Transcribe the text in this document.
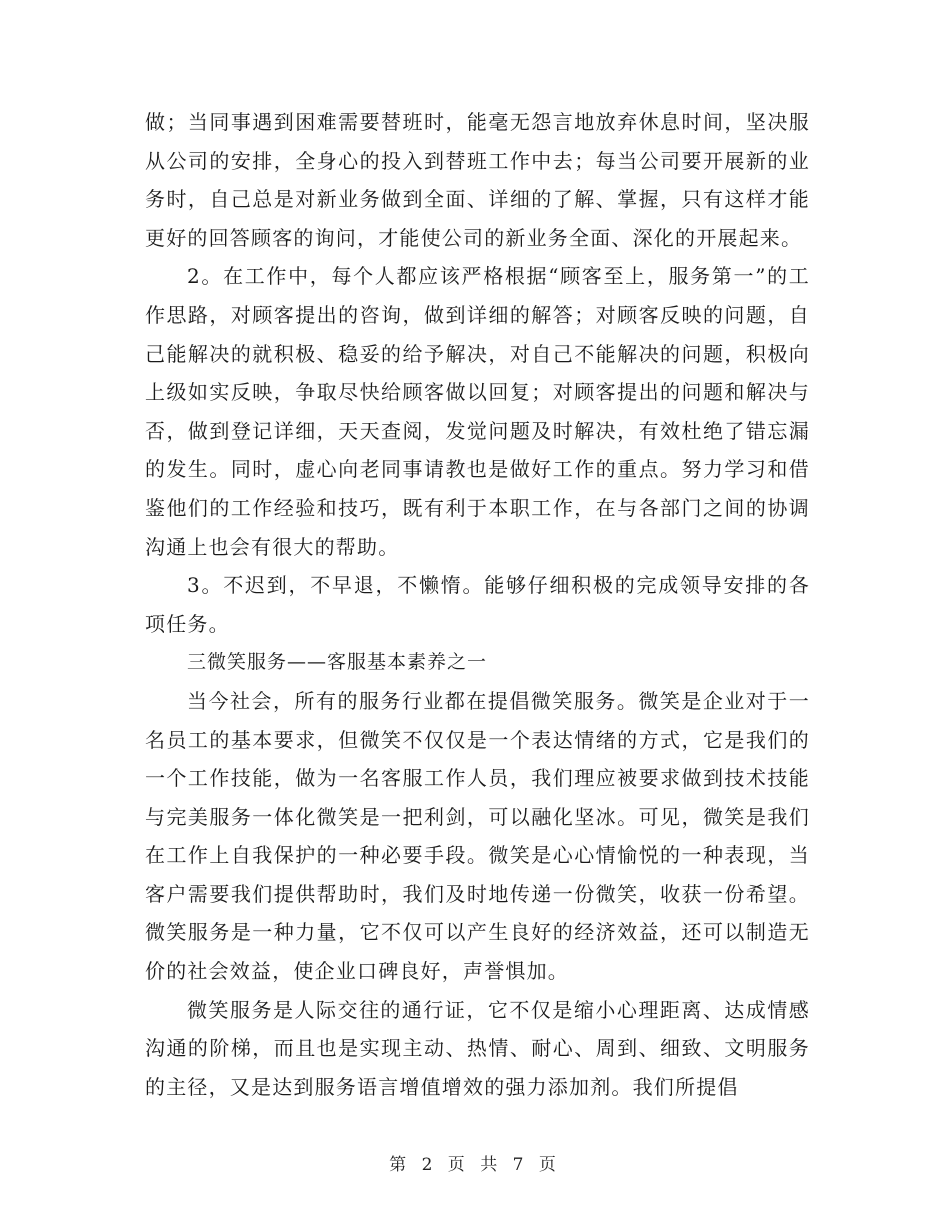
做；当同事遇到困难需要替班时，能毫无怨言地放弃休息时间，坚决服从公司的安排，全身心的投入到替班工作中去；每当公司要开展新的业务时，自己总是对新业务做到全面、详细的了解、掌握，只有这样才能更好的回答顾客的询问，才能使公司的新业务全面、深化的开展起来。

2。在工作中，每个人都应该严格根据“顾客至上，服务第一”的工作思路，对顾客提出的咨询，做到详细的解答；对顾客反映的问题，自己能解决的就积极、稳妥的给予解决，对自己不能解决的问题，积极向上级如实反映，争取尽快给顾客做以回复；对顾客提出的问题和解决与否，做到登记详细，天天查阅，发觉问题及时解决，有效杜绝了错忘漏的发生。同时，虚心向老同事请教也是做好工作的重点。努力学习和借鉴他们的工作经验和技巧，既有利于本职工作，在与各部门之间的协调沟通上也会有很大的帮助。

3。不迟到，不早退，不懒惰。能够仔细积极的完成领导安排的各项任务。

三微笑服务——客服基本素养之一

当今社会，所有的服务行业都在提倡微笑服务。微笑是企业对于一名员工的基本要求，但微笑不仅仅是一个表达情绪的方式，它是我们的一个工作技能，做为一名客服工作人员，我们理应被要求做到技术技能与完美服务一体化微笑是一把利剑，可以融化坚冰。可见，微笑是我们在工作上自我保护的一种必要手段。微笑是心心情愉悦的一种表现，当客户需要我们提供帮助时，我们及时地传递一份微笑，收获一份希望。微笑服务是一种力量，它不仅可以产生良好的经济效益，还可以制造无价的社会效益，使企业口碑良好，声誉惧加。

微笑服务是人际交往的通行证，它不仅是缩小心理距离、达成情感沟通的阶梯，而且也是实现主动、热情、耐心、周到、细致、文明服务的主径，又是达到服务语言增值增效的强力添加剂。我们所提倡

第 2 页 共 7 页
